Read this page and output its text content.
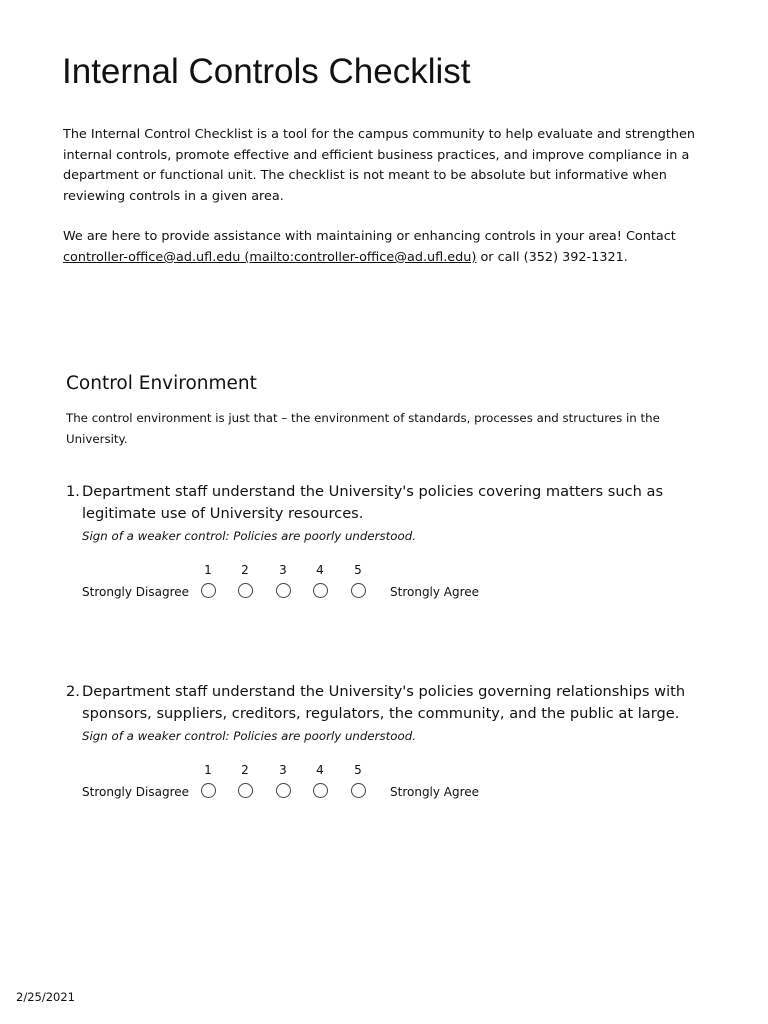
Internal Controls Checklist

The Internal Control Checklist is a tool for the campus community to help evaluate and strengthen internal controls, promote effective and efficient business practices, and improve compliance in a department or functional unit. The checklist is not meant to be absolute but informative when reviewing controls in a given area.

We are here to provide assistance with maintaining or enhancing controls in your area! Contact controller-office@ad.ufl.edu (mailto:controller-office@ad.ufl.edu) or call (352) 392-1321.

Control Environment
The control environment is just that – the environment of standards, processes and structures in the University.
1. Department staff understand the University's policies covering matters such as legitimate use of University resources.
Sign of a weaker control: Policies are poorly understood.
Strongly Disagree
1	2	3	4	5
Strongly Agree
2. Department staff understand the University's policies governing relationships with sponsors, suppliers, creditors, regulators, the community, and the public at large.
Sign of a weaker control: Policies are poorly understood.
Strongly Disagree
1	2	3	4	5
Strongly Agree
2/25/2021
